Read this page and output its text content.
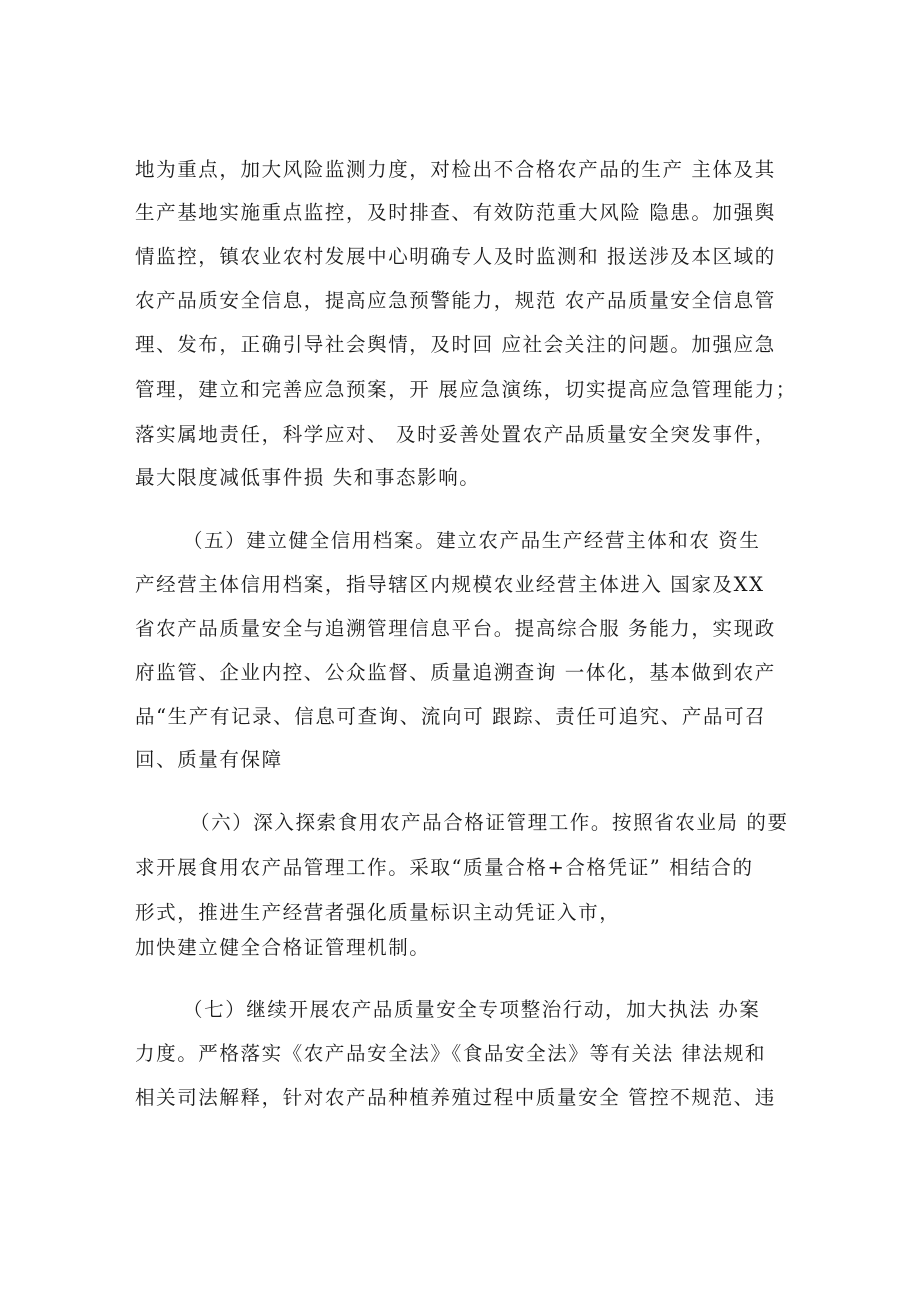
地为重点，加大风险监测力度，对检出不合格农产品的生产 主体及其
生产基地实施重点监控，及时排查、有效防范重大风险 隐患。加强舆
情监控，镇农业农村发展中心明确专人及时监测和 报送涉及本区域的
农产品质安全信息，提高应急预警能力，规范 农产品质量安全信息管
理、发布，正确引导社会舆情，及时回 应社会关注的问题。加强应急
管理，建立和完善应急预案，开 展应急演练，切实提高应急管理能力；
落实属地责任，科学应对、 及时妥善处置农产品质量安全突发事件，
最大限度减低事件损 失和事态影响。
（五）建立健全信用档案。建立农产品生产经营主体和农 资生
产经营主体信用档案，指导辖区内规模农业经营主体进入 国家及XX
省农产品质量安全与追溯管理信息平台。提高综合服 务能力，实现政
府监管、企业内控、公众监督、质量追溯查询 一体化，基本做到农产
品“生产有记录、信息可查询、流向可 跟踪、责任可追究、产品可召
回、质量有保障
（六）深入探索食用农产品合格证管理工作。按照省农业局 的要
求开展食用农产品管理工作。采取“质量合格+合格凭证” 相结合的
形式，推进生产经营者强化质量标识主动凭证入市，
加快建立健全合格证管理机制。
（七）继续开展农产品质量安全专项整治行动，加大执法 办案
力度。严格落实《农产品安全法》《食品安全法》等有关法 律法规和
相关司法解释，针对农产品种植养殖过程中质量安全 管控不规范、违
